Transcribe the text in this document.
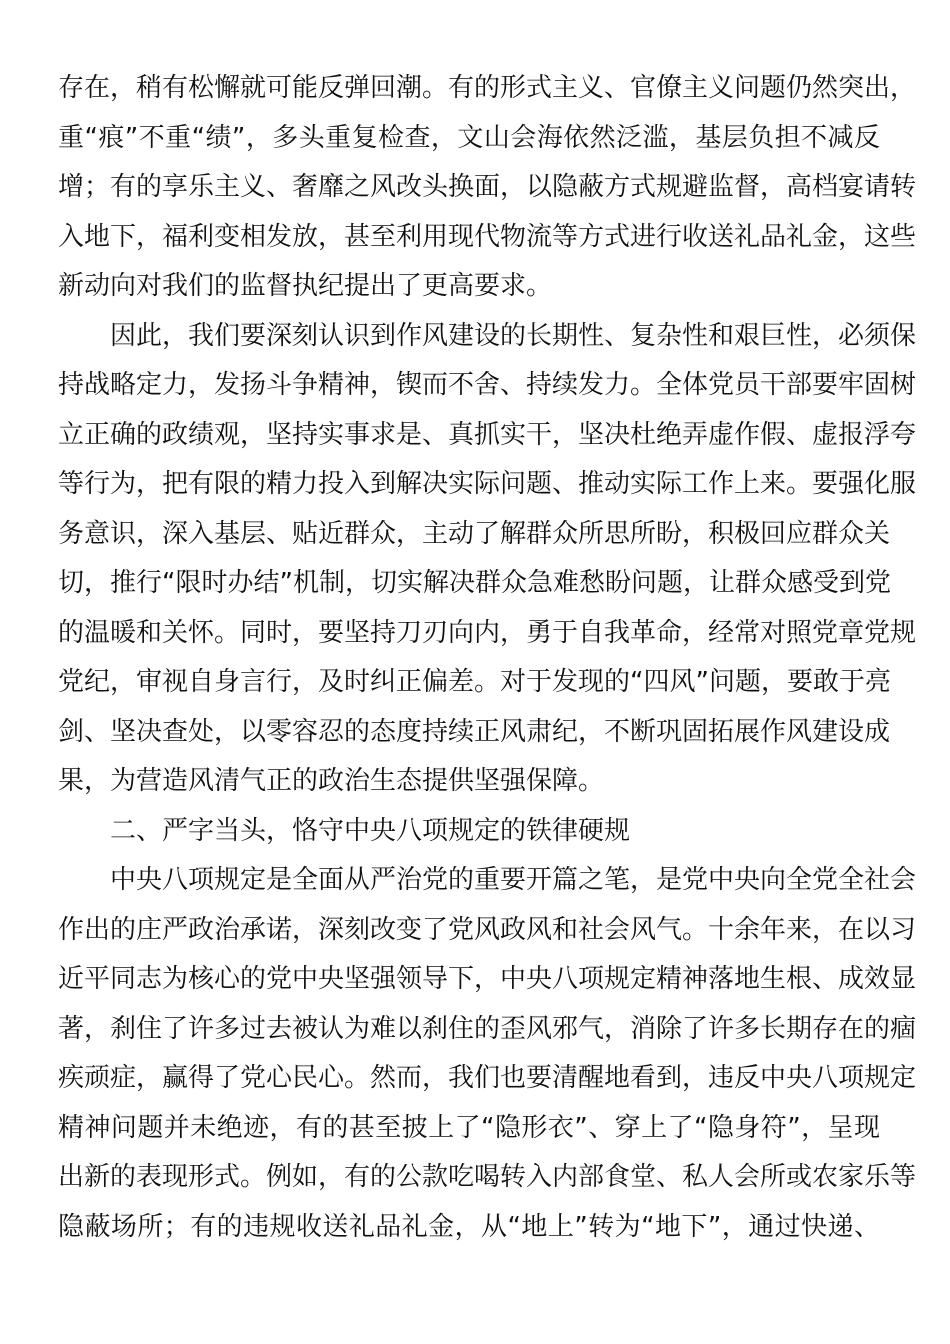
存在，稍有松懈就可能反弹回潮。有的形式主义、官僚主义问题仍然突出，
重“痕”不重“绩”，多头重复检查，文山会海依然泛滥，基层负担不减反
增；有的享乐主义、奢靡之风改头换面，以隐蔽方式规避监督，高档宴请转
入地下，福利变相发放，甚至利用现代物流等方式进行收送礼品礼金，这些
新动向对我们的监督执纪提出了更高要求。
因此，我们要深刻认识到作风建设的长期性、复杂性和艰巨性，必须保
持战略定力，发扬斗争精神，锲而不舍、持续发力。全体党员干部要牢固树
立正确的政绩观，坚持实事求是、真抓实干，坚决杜绝弄虚作假、虚报浮夸
等行为，把有限的精力投入到解决实际问题、推动实际工作上来。要强化服
务意识，深入基层、贴近群众，主动了解群众所思所盼，积极回应群众关
切，推行“限时办结”机制，切实解决群众急难愁盼问题，让群众感受到党
的温暖和关怀。同时，要坚持刀刃向内，勇于自我革命，经常对照党章党规
党纪，审视自身言行，及时纠正偏差。对于发现的“四风”问题，要敢于亮
剑、坚决查处，以零容忍的态度持续正风肃纪，不断巩固拓展作风建设成
果，为营造风清气正的政治生态提供坚强保障。
二、严字当头，恪守中央八项规定的铁律硬规
中央八项规定是全面从严治党的重要开篇之笔，是党中央向全党全社会
作出的庄严政治承诺，深刻改变了党风政风和社会风气。十余年来，在以习
近平同志为核心的党中央坚强领导下，中央八项规定精神落地生根、成效显
著，刹住了许多过去被认为难以刹住的歪风邪气，消除了许多长期存在的痼
疾顽症，赢得了党心民心。然而，我们也要清醒地看到，违反中央八项规定
精神问题并未绝迹，有的甚至披上了“隐形衣”、穿上了“隐身符”，呈现
出新的表现形式。例如，有的公款吃喝转入内部食堂、私人会所或农家乐等
隐蔽场所；有的违规收送礼品礼金，从“地上”转为“地下”，通过快递、
